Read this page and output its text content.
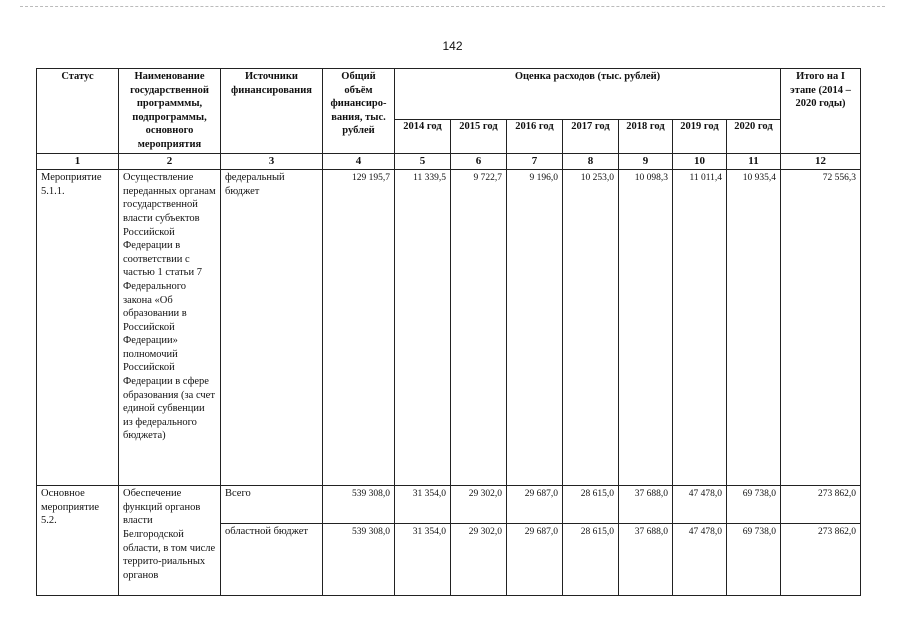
142
Статус	Наименование государственной программмы, подпрограммы, основного мероприятия	Источники финансирования	Общий объём финансиро-вания, тыс. рублей	Оценка расходов (тыс. рублей)							Итого на I этапе (2014 – 2020 годы)
				2014 год	2015 год	2016 год	2017 год	2018 год	2019 год	2020 год	
1	2	3	4	5	6	7	8	9	10	11	12
Мероприятие 5.1.1.	Осуществление переданных органам государственной власти субъектов Российской Федерации в соответствии с частью 1 статьи 7 Федерального закона «Об образовании в Российской Федерации» полномочий Российской Федерации в сфере образования (за счет единой субвенции из федерального бюджета)	федеральный бюджет	129 195,7	11 339,5	9 722,7	9 196,0	10 253,0	10 098,3	11 011,4	10 935,4	72 556,3
Основное мероприятие 5.2.	Обеспечение функций органов власти Белгородской области, в том числе террито-риальных органов	Всего	539 308,0	31 354,0	29 302,0	29 687,0	28 615,0	37 688,0	47 478,0	69 738,0	273 862,0
		областной бюджет	539 308,0	31 354,0	29 302,0	29 687,0	28 615,0	37 688,0	47 478,0	69 738,0	273 862,0
